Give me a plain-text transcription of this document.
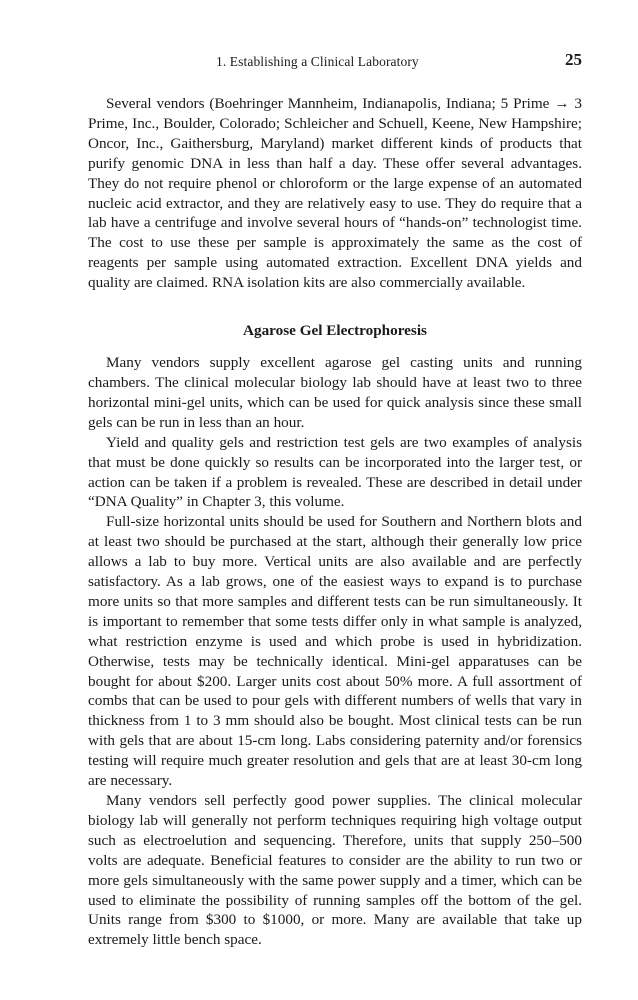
1. Establishing a Clinical Laboratory	25

Several vendors (Boehringer Mannheim, Indianapolis, Indiana; 5 Prime → 3 Prime, Inc., Boulder, Colorado; Schleicher and Schuell, Keene, New Hampshire; Oncor, Inc., Gaithersburg, Maryland) market different kinds of products that purify genomic DNA in less than half a day. These offer several advantages. They do not require phenol or chloroform or the large expense of an automated nucleic acid extractor, and they are relatively easy to use. They do require that a lab have a centrifuge and involve several hours of “hands-on” technologist time. The cost to use these per sample is approximately the same as the cost of reagents per sample using automated extraction. Excellent DNA yields and quality are claimed. RNA isolation kits are also commercially available.

Agarose Gel Electrophoresis

Many vendors supply excellent agarose gel casting units and running chambers. The clinical molecular biology lab should have at least two to three horizontal mini-gel units, which can be used for quick analysis since these small gels can be run in less than an hour.

Yield and quality gels and restriction test gels are two examples of analysis that must be done quickly so results can be incorporated into the larger test, or action can be taken if a problem is revealed. These are described in detail under “DNA Quality” in Chapter 3, this volume.

Full-size horizontal units should be used for Southern and Northern blots and at least two should be purchased at the start, although their generally low price allows a lab to buy more. Vertical units are also available and are perfectly satisfactory. As a lab grows, one of the easiest ways to expand is to purchase more units so that more samples and different tests can be run simultaneously. It is important to remember that some tests differ only in what sample is analyzed, what restriction enzyme is used and which probe is used in hybridization. Otherwise, tests may be technically identical. Mini-gel apparatuses can be bought for about $200. Larger units cost about 50% more. A full assortment of combs that can be used to pour gels with different numbers of wells that vary in thickness from 1 to 3 mm should also be bought. Most clinical tests can be run with gels that are about 15-cm long. Labs considering paternity and/or forensics testing will require much greater resolution and gels that are at least 30-cm long are necessary.

Many vendors sell perfectly good power supplies. The clinical molecular biology lab will generally not perform techniques requiring high voltage output such as electroelution and sequencing. Therefore, units that supply 250–500 volts are adequate. Beneficial features to consider are the ability to run two or more gels simultaneously with the same power supply and a timer, which can be used to eliminate the possibility of running samples off the bottom of the gel. Units range from $300 to $1000, or more. Many are available that take up extremely little bench space.
